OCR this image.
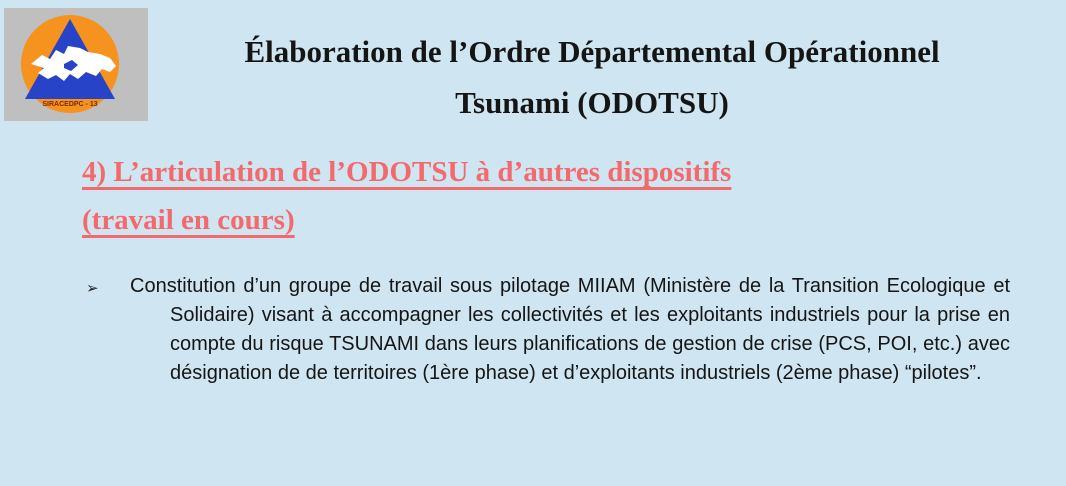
SIRACEDPC - 13
Élaboration de l’Ordre Départemental Opérationnel
Tsunami (ODOTSU)
4) L’articulation de l’ODOTSU à d’autres dispositifs
(travail en cours)
➢ Constitution d’un groupe de travail sous pilotage MIIAM (Ministère de la Transition Ecologique et Solidaire) visant à accompagner les collectivités et les exploitants industriels pour la prise en compte du risque TSUNAMI dans leurs planifications de gestion de crise (PCS, POI, etc.) avec désignation de de territoires (1ère phase) et d’exploitants industriels (2ème phase) “pilotes”.
